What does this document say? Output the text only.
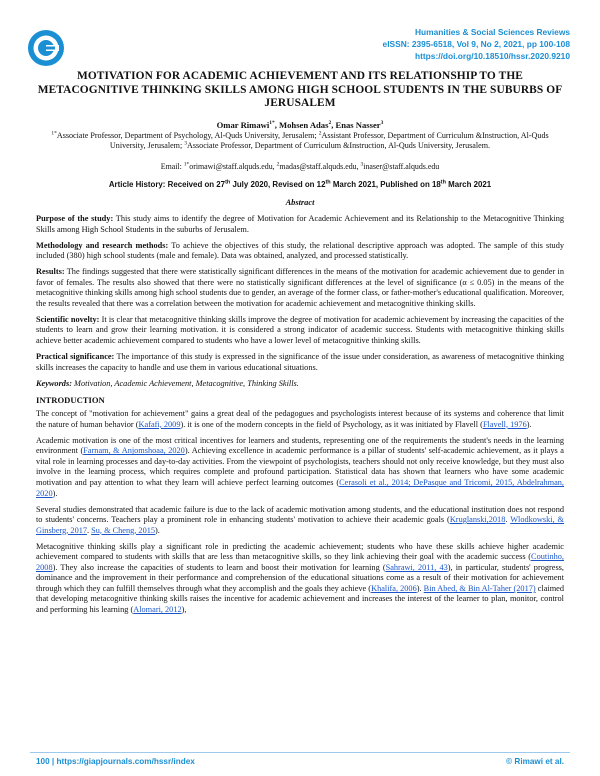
Humanities & Social Sciences Reviews
eISSN: 2395-6518, Vol 9, No 2, 2021, pp 100-108
https://doi.org/10.18510/hssr.2020.9210
MOTIVATION FOR ACADEMIC ACHIEVEMENT AND ITS RELATIONSHIP TO THE METACOGNITIVE THINKING SKILLS AMONG HIGH SCHOOL STUDENTS IN THE SUBURBS OF JERUSALEM
Omar Rimawi$^{1*}$, Mohsen Adas$^2$, Enas Nasser$^3$
$^{1*}$Associate Professor, Department of Psychology, Al-Quds University, Jerusalem; $^2$Assistant Professor, Department of Curriculum &Instruction, Al-Quds University, Jerusalem; $^3$Associate Professor, Department of Curriculum &Instruction, Al-Quds University, Jerusalem.
Email: $^{1*}$orimawi@staff.alquds.edu, $^2$madas@staff.alquds.edu, $^3$inaser@staff.alquds.edu
Article History: Received on 27th July 2020, Revised on 12th March 2021, Published on 18th March 2021
Abstract

Purpose of the study: This study aims to identify the degree of Motivation for Academic Achievement and its Relationship to the Metacognitive Thinking Skills among High School Students in the suburbs of Jerusalem.

Methodology and research methods: To achieve the objectives of this study, the relational descriptive approach was adopted. The sample of this study included (380) high school students (male and female). Data was obtained, analyzed, and processed statistically.

Results: The findings suggested that there were statistically significant differences in the means of the motivation for academic achievement due to gender in favor of females. The results also showed that there were no statistically significant differences at the level of significance (α ≤ 0.05) in the means of the metacognitive thinking skills among high school students due to gender, an average of the former class, or father-mother's educational qualification. Moreover, the results revealed that there was a correlation between the motivation for academic achievement and metacognitive thinking skills.

Scientific novelty: It is clear that metacognitive thinking skills improve the degree of motivation for academic achievement by increasing the capacities of the students to learn and grow their learning motivation. it is considered a strong indicator of academic success. Students with metacognitive thinking skills achieve better academic achievement compared to students who have a lower level of metacognitive thinking skills.

Practical significance: The importance of this study is expressed in the significance of the issue under consideration, as awareness of metacognitive thinking skills increases the capacity to handle and use them in various educational situations.

Keywords: Motivation, Academic Achievement, Metacognitive, Thinking Skills.

INTRODUCTION

The concept of "motivation for achievement" gains a great deal of the pedagogues and psychologists interest because of its systems and coherence that limit the nature of human behavior (Kafafi, 2009). it is one of the modern concepts in the field of Psychology, as it was initiated by Flavell (Flavell, 1976).

Academic motivation is one of the most critical incentives for learners and students, representing one of the requirements the student's needs in the learning environment (Farnam, & Anjomshoaa, 2020). Achieving excellence in academic performance is a pillar of students' self-academic achievement, as it plays a vital role in learning processes and day-to-day activities. From the viewpoint of psychologists, teachers should not only receive knowledge, but they must also involve in the learning process, which requires complete and profound participation. Statistical data has shown that learners who have some academic motivation and pay attention to what they learn will achieve perfect learning outcomes (Cerasoli et al., 2014; DePasque and Tricomi, 2015, Abdelrahman, 2020).

Several studies demonstrated that academic failure is due to the lack of academic motivation among students, and the educational institution does not respond to students' concerns. Teachers play a prominent role in enhancing students' motivation to achieve their academic goals (Kruglanski,2018. Wlodkowski, & Ginsberg, 2017. Su, & Cheng, 2015).

Metacognitive thinking skills play a significant role in predicting the academic achievement; students who have these skills achieve higher academic achievement compared to students with skills that are less than metacognitive skills, so they link achieving their goal with the academic success (Coutinho, 2008). They also increase the capacities of students to learn and boost their motivation for learning (Sahrawi, 2011, 43), in particular, students' progress, dominance and the improvement in their performance and comprehension of the educational situations come as a result of their motivation for achievement through which they can fulfill themselves through what they accomplish and the goals they achieve (Khalifa, 2006). Bin Abed, & Bin Al-Taher (2017) claimed that developing metacognitive thinking skills raises the incentive for academic achievement and increases the interest of the learner to plan, monitor, control and performing his learning (Alomari, 2012),

100 | https://giapjournals.com/hssr/index	© Rimawi et al.
